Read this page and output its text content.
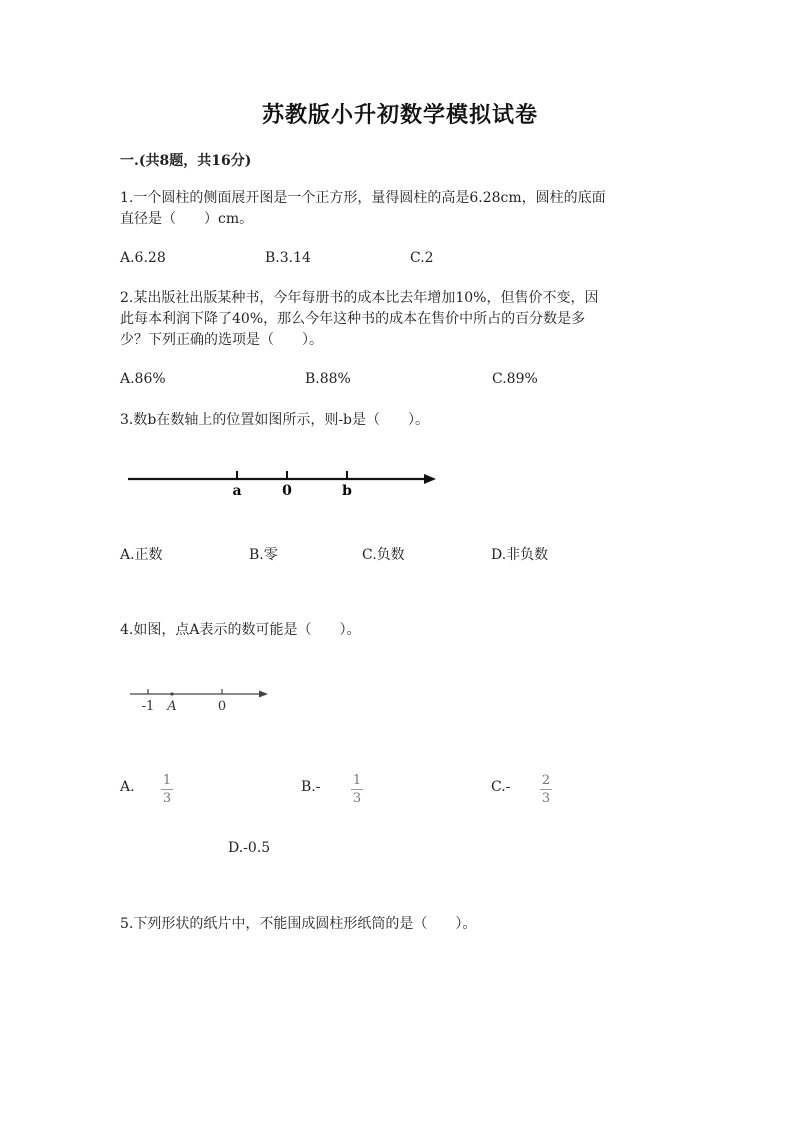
苏教版小升初数学模拟试卷
一.(共8题，共16分)
1.一个圆柱的侧面展开图是一个正方形，量得圆柱的高是6.28cm，圆柱的底面
直径是（　　）cm。
A.6.28	B.3.14	C.2
2.某出版社出版某种书，今年每册书的成本比去年增加10%，但售价不变，因
此每本利润下降了40%，那么今年这种书的成本在售价中所占的百分数是多
少？下列正确的选项是（　　）。
A.86%	B.88%	C.89%
3.数b在数轴上的位置如图所示，则-b是（　　）。
a	0	b
A.正数	B.零	C.负数	D.非负数
4.如图，点A表示的数可能是（　　）。
-1 A	0
A. 1
3
B.- 1
3
C.- 2
3
D.-0.5
5.下列形状的纸片中，不能围成圆柱形纸筒的是（　　）。
